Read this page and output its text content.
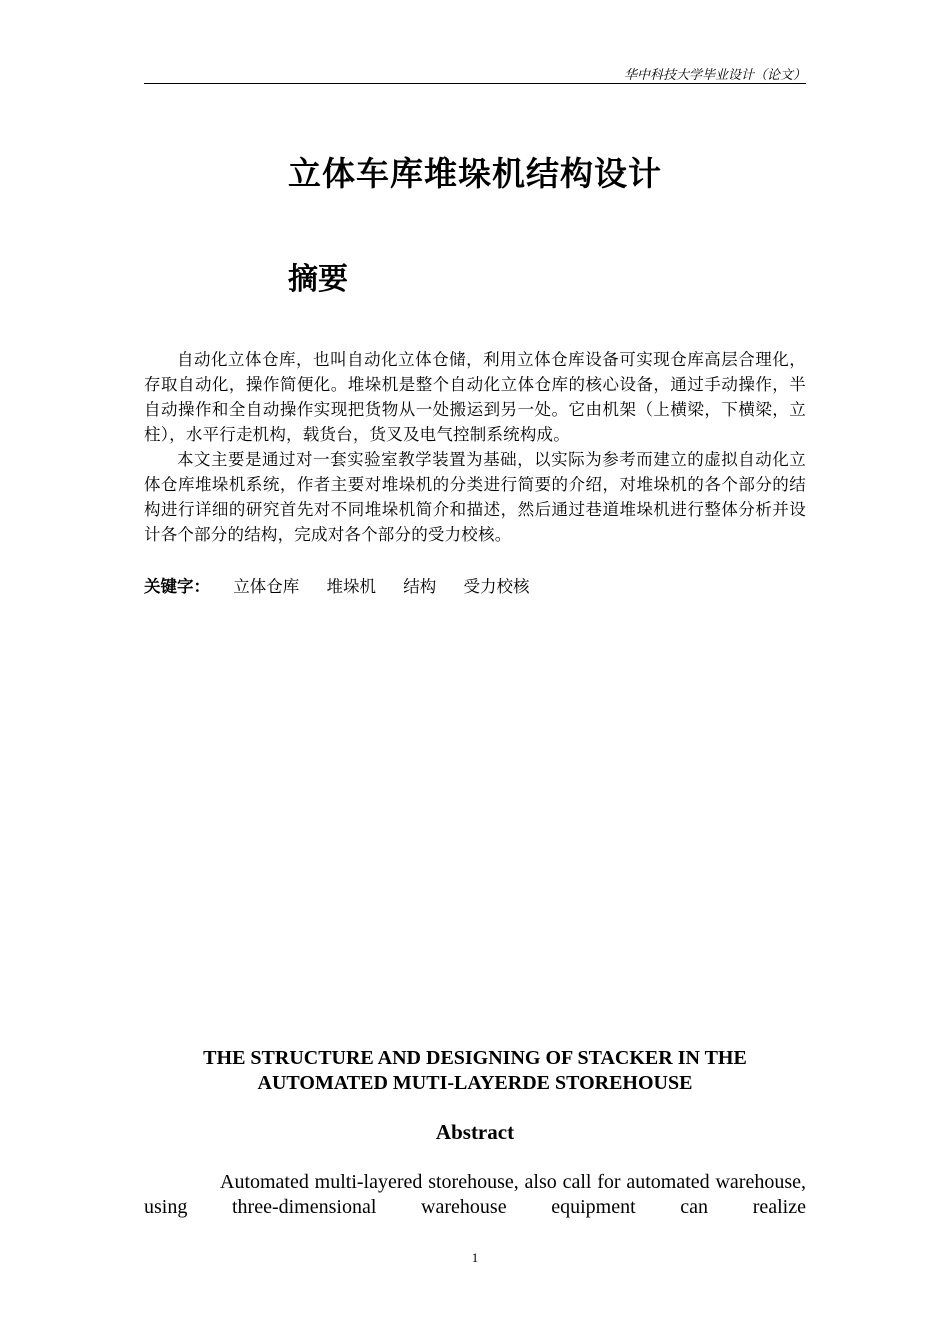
华中科技大学毕业设计（论文）
立体车库堆垛机结构设计
摘要

自动化立体仓库，也叫自动化立体仓储，利用立体仓库设备可实现仓库高层合理化，存取自动化，操作简便化。堆垛机是整个自动化立体仓库的核心设备，通过手动操作，半自动操作和全自动操作实现把货物从一处搬运到另一处。它由机架（上横梁，下横梁，立柱），水平行走机构，载货台，货叉及电气控制系统构成。

本文主要是通过对一套实验室教学装置为基础，以实际为参考而建立的虚拟自动化立体仓库堆垛机系统，作者主要对堆垛机的分类进行简要的介绍，对堆垛机的各个部分的结构进行详细的研究首先对不同堆垛机简介和描述，然后通过巷道堆垛机进行整体分析并设计各个部分的结构，完成对各个部分的受力校核。

关键字： 立体仓库 堆垛机 结构 受力校核
THE STRUCTURE AND DESIGNING OF STACKER IN THE
AUTOMATED MUTI-LAYERDE STOREHOUSE
Abstract

Automated multi-layered storehouse, also call for automated warehouse, using three-dimensional warehouse equipment can realize

1
